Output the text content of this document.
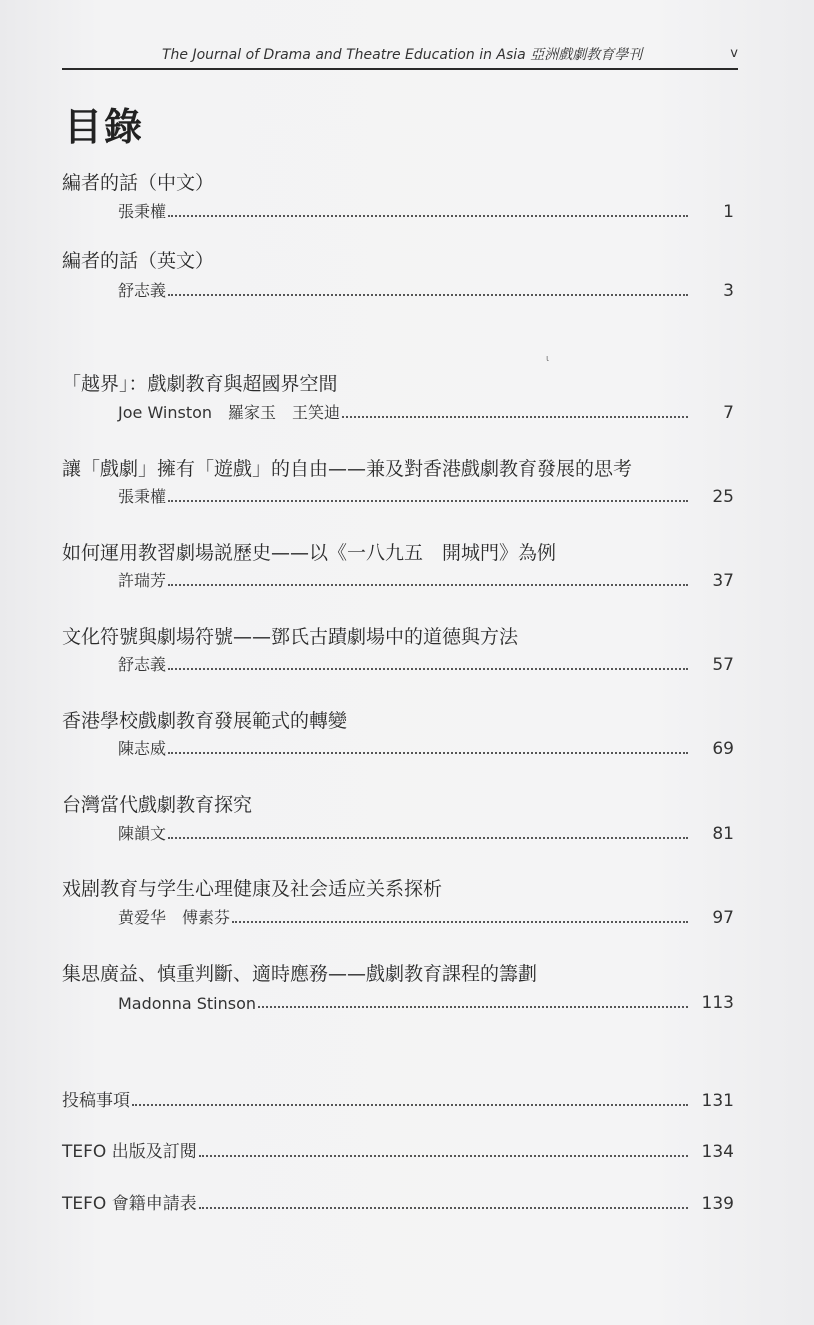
The Journal of Drama and Theatre Education in Asia 亞洲戲劇教育學刊	v
目錄
編者的話（中文）
張秉權	1
編者的話（英文）
舒志義	3
ι
「越界」：戲劇教育與超國界空間
Joe Winston　羅家玉　王笑迪	7
讓「戲劇」擁有「遊戲」的自由——兼及對香港戲劇教育發展的思考
張秉權	25
如何運用教習劇場説歷史——以《一八九五　開城門》為例
許瑞芳	37
文化符號與劇場符號——鄧氏古蹟劇場中的道德與方法
舒志義	57
香港學校戲劇教育發展範式的轉變
陳志威	69
台灣當代戲劇教育探究
陳韻文	81
戏剧教育与学生心理健康及社会适应关系探析
黄爱华　傅素芬	97
集思廣益、慎重判斷、適時應務——戲劇教育課程的籌劃
Madonna Stinson	113
投稿事項	131
TEFO 出版及訂閱	134
TEFO 會籍申請表	139
